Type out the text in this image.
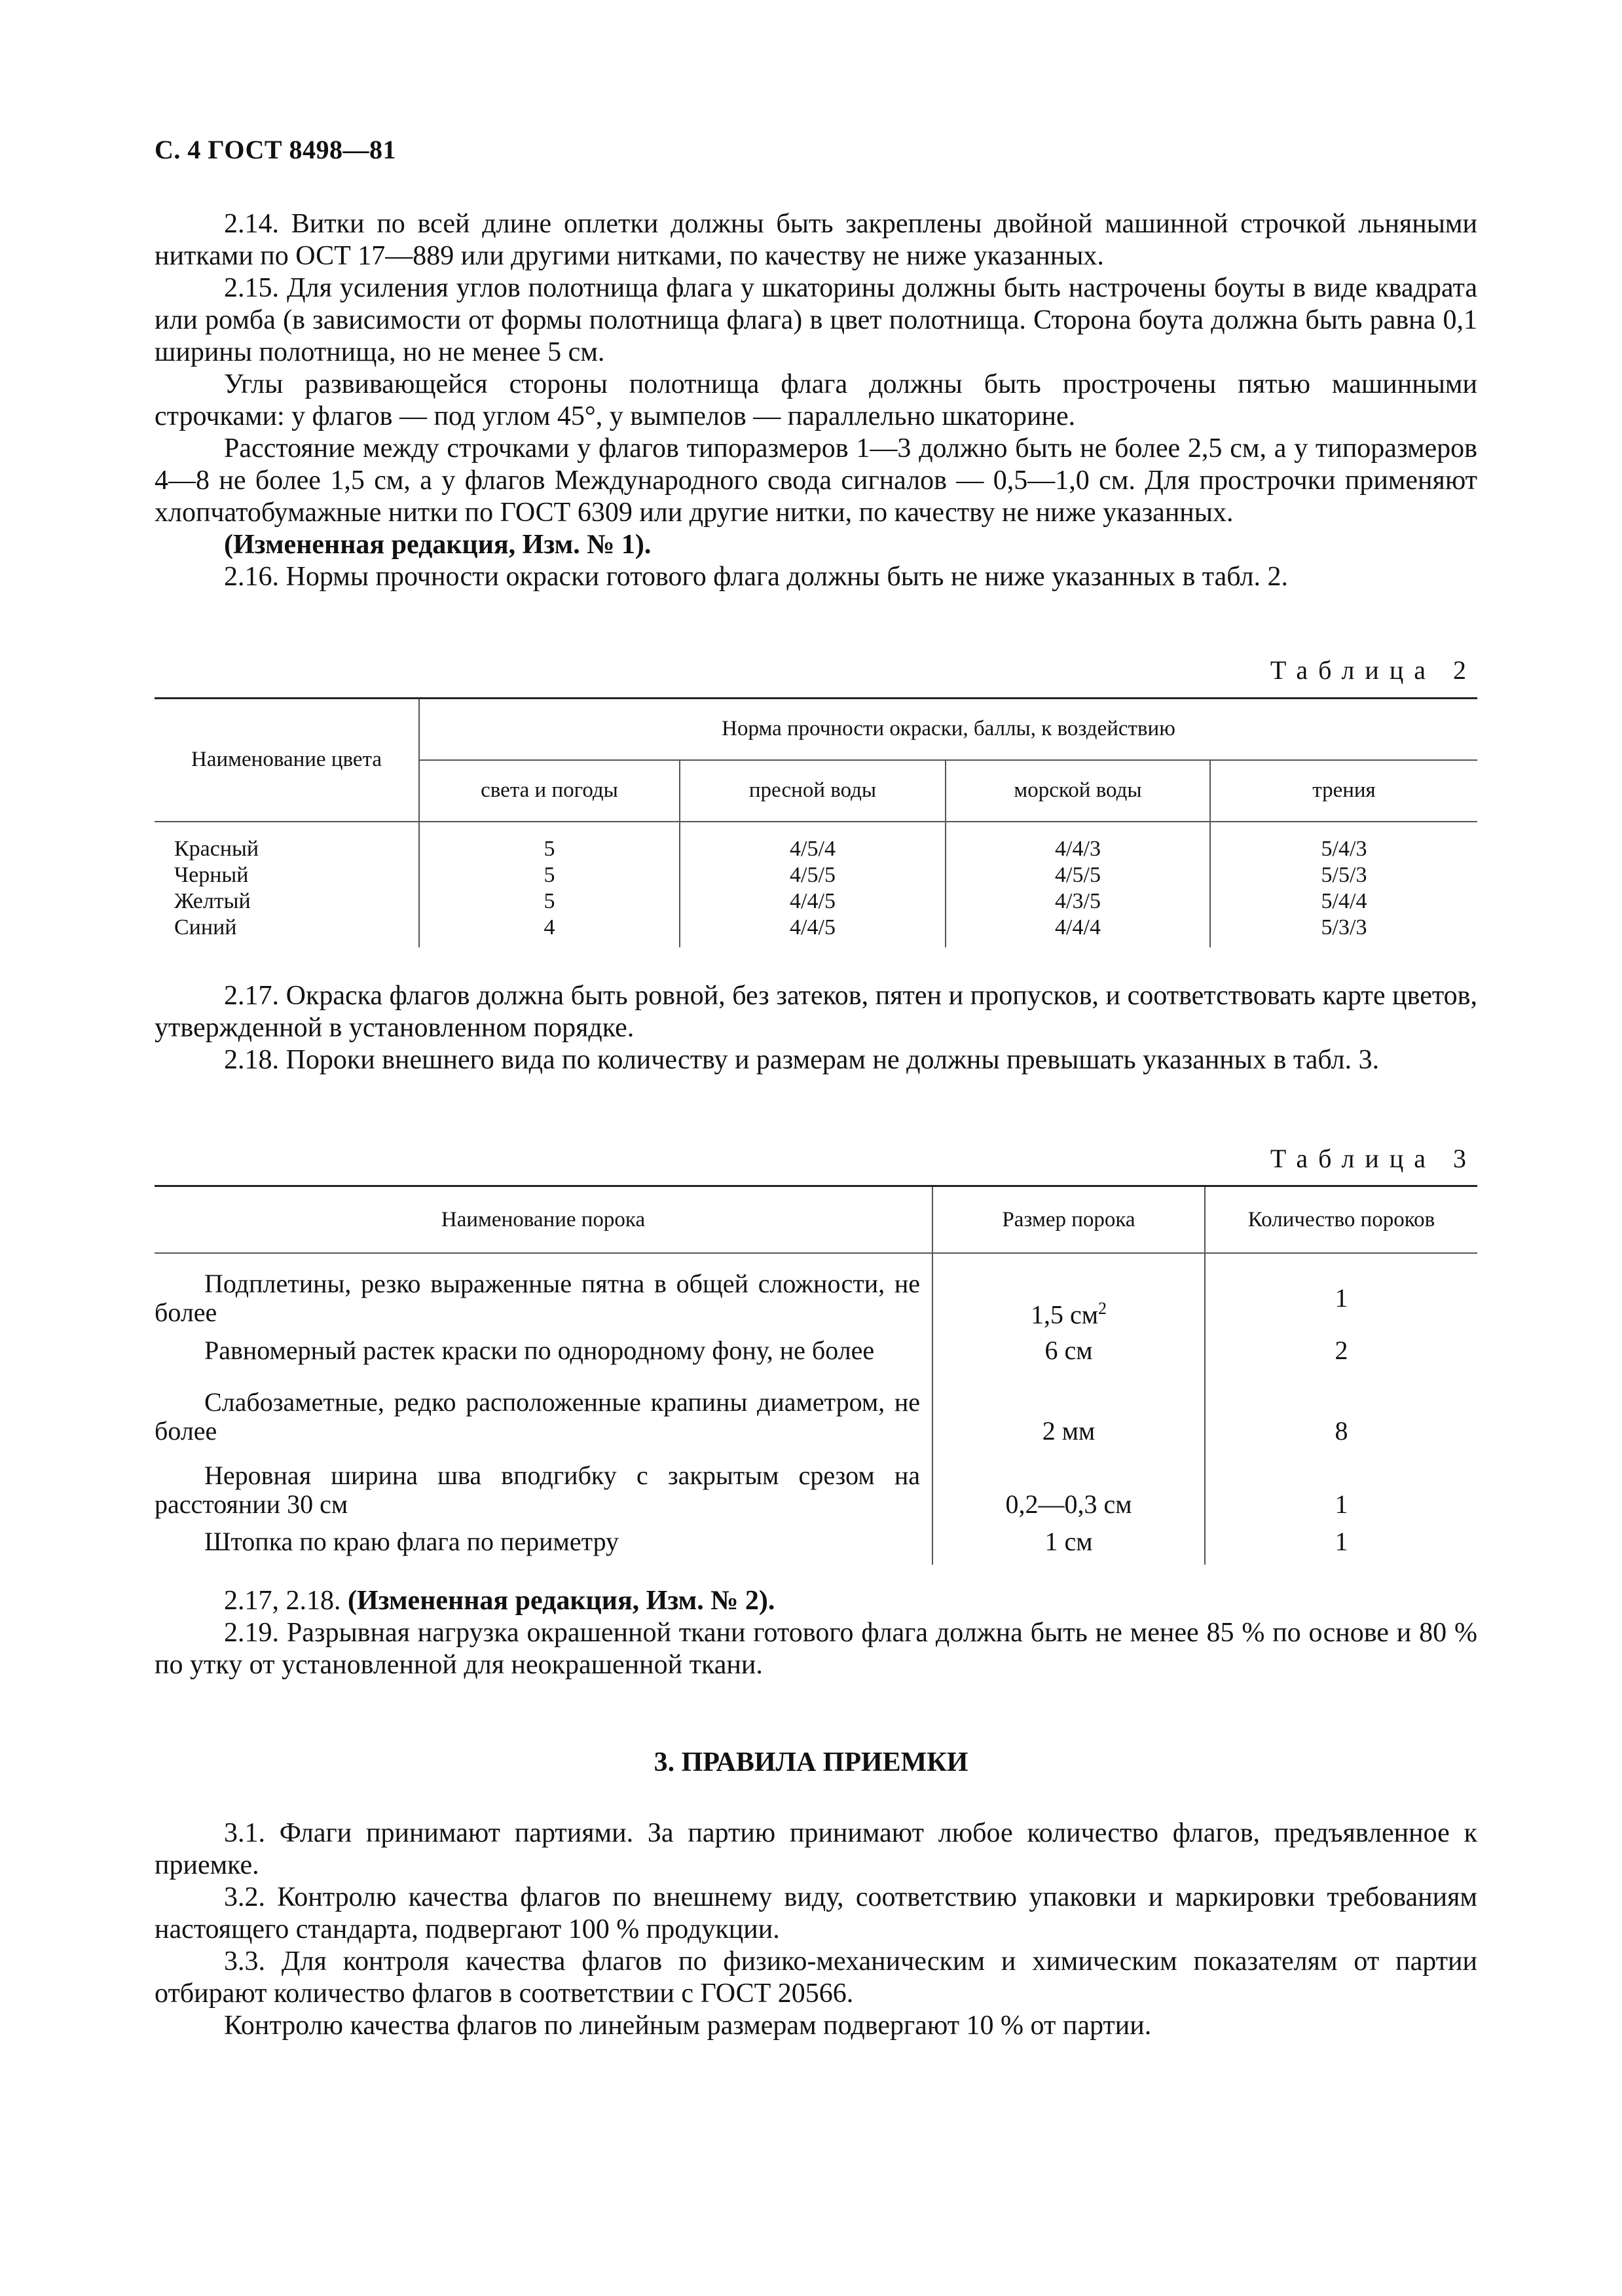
С. 4 ГОСТ 8498—81

2.14. Витки по всей длине оплетки должны быть закреплены двойной машинной строчкой льняными нитками по ОСТ 17—889 или другими нитками, по качеству не ниже указанных.

2.15. Для усиления углов полотнища флага у шкаторины должны быть настрочены боуты в виде квадрата или ромба (в зависимости от формы полотнища флага) в цвет полотнища. Сторона боута должна быть равна 0,1 ширины полотнища, но не менее 5 см.

Углы развивающейся стороны полотнища флага должны быть прострочены пятью машинными строчками: у флагов — под углом 45°, у вымпелов — параллельно шкаторине.

Расстояние между строчками у флагов типоразмеров 1—3 должно быть не более 2,5 см, а у типоразмеров 4—8 не более 1,5 см, а у флагов Международного свода сигналов — 0,5—1,0 см. Для прострочки применяют хлопчатобумажные нитки по ГОСТ 6309 или другие нитки, по качеству не ниже указанных.

(Измененная редакция, Изм. № 1).

2.16. Нормы прочности окраски готового флага должны быть не ниже указанных в табл. 2.

Таблица 2
Наименование цвета	Норма прочности окраски, баллы, к воздействию			
	света и погоды	пресной воды	морской воды	трения

Красный	5	4/5/4	4/4/3	5/4/3
Черный	5	4/5/5	4/5/5	5/5/3
Желтый	5	4/4/5	4/3/5	5/4/4
Синий	4	4/4/5	4/4/4	5/3/3

2.17. Окраска флагов должна быть ровной, без затеков, пятен и пропусков, и соответствовать карте цветов, утвержденной в установленном порядке.

2.18. Пороки внешнего вида по количеству и размерам не должны превышать указанных в табл. 3.

Таблица 3
Наименование порока	Размер порока	Количество пороков

Подплетины, резко выраженные пятна в общей сложности, не более	1,5 $см^2$	1

Равномерный растек краски по однородному фону, не более	6 см	2

Слабозаметные, редко расположенные крапины диаметром, не более	2 мм	8

Неровная ширина шва вподгибку с закрытым срезом на расстоянии 30 см	0,2—0,3 см	1

Штопка по краю флага по периметру	1 см	1

2.17, 2.18. (Измененная редакция, Изм. № 2).

2.19. Разрывная нагрузка окрашенной ткани готового флага должна быть не менее 85 % по основе и 80 % по утку от установленной для неокрашенной ткани.

3. ПРАВИЛА ПРИЕМКИ

3.1. Флаги принимают партиями. За партию принимают любое количество флагов, предъявленное к приемке.

3.2. Контролю качества флагов по внешнему виду, соответствию упаковки и маркировки требованиям настоящего стандарта, подвергают 100 % продукции.

3.3. Для контроля качества флагов по физико-механическим и химическим показателям от партии отбирают количество флагов в соответствии с ГОСТ 20566.

Контролю качества флагов по линейным размерам подвергают 10 % от партии.
